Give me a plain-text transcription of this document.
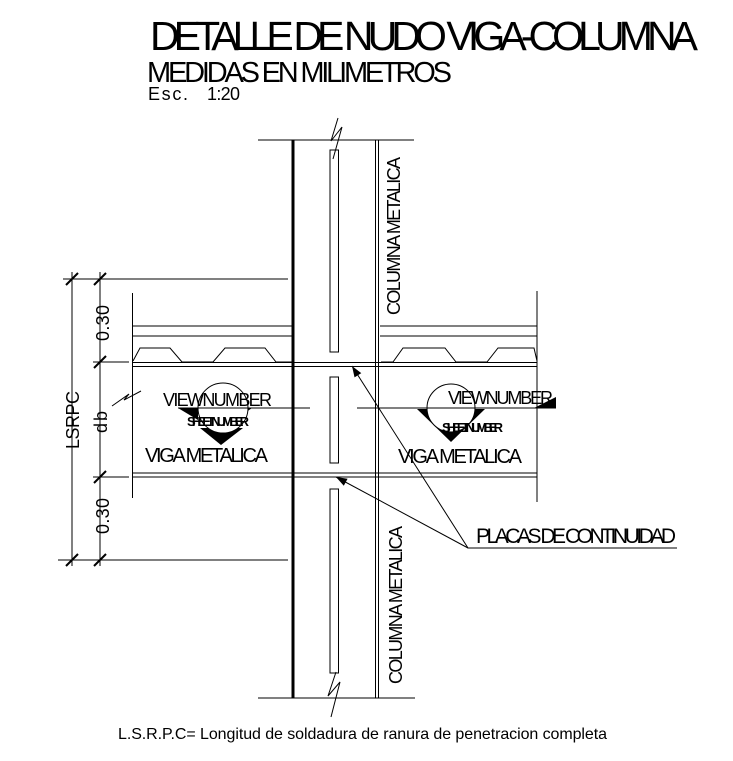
DETALLE DE NUDO VIGA-COLUMNA
MEDIDAS EN MILIMETROS
Esc. 1:20
COLUMNA METALICA
COLUMNA METALICA
VIGA METALICA	VIGA METALICA
VIEWNUMBER
SHEETNUMBER
VIEWNUMBER
SHEETNUMBER
PLACAS DE CONTINUIDAD
0.30
db
0.30
LSRPC
L.S.R.P.C= Longitud de soldadura de ranura de penetracion completa
